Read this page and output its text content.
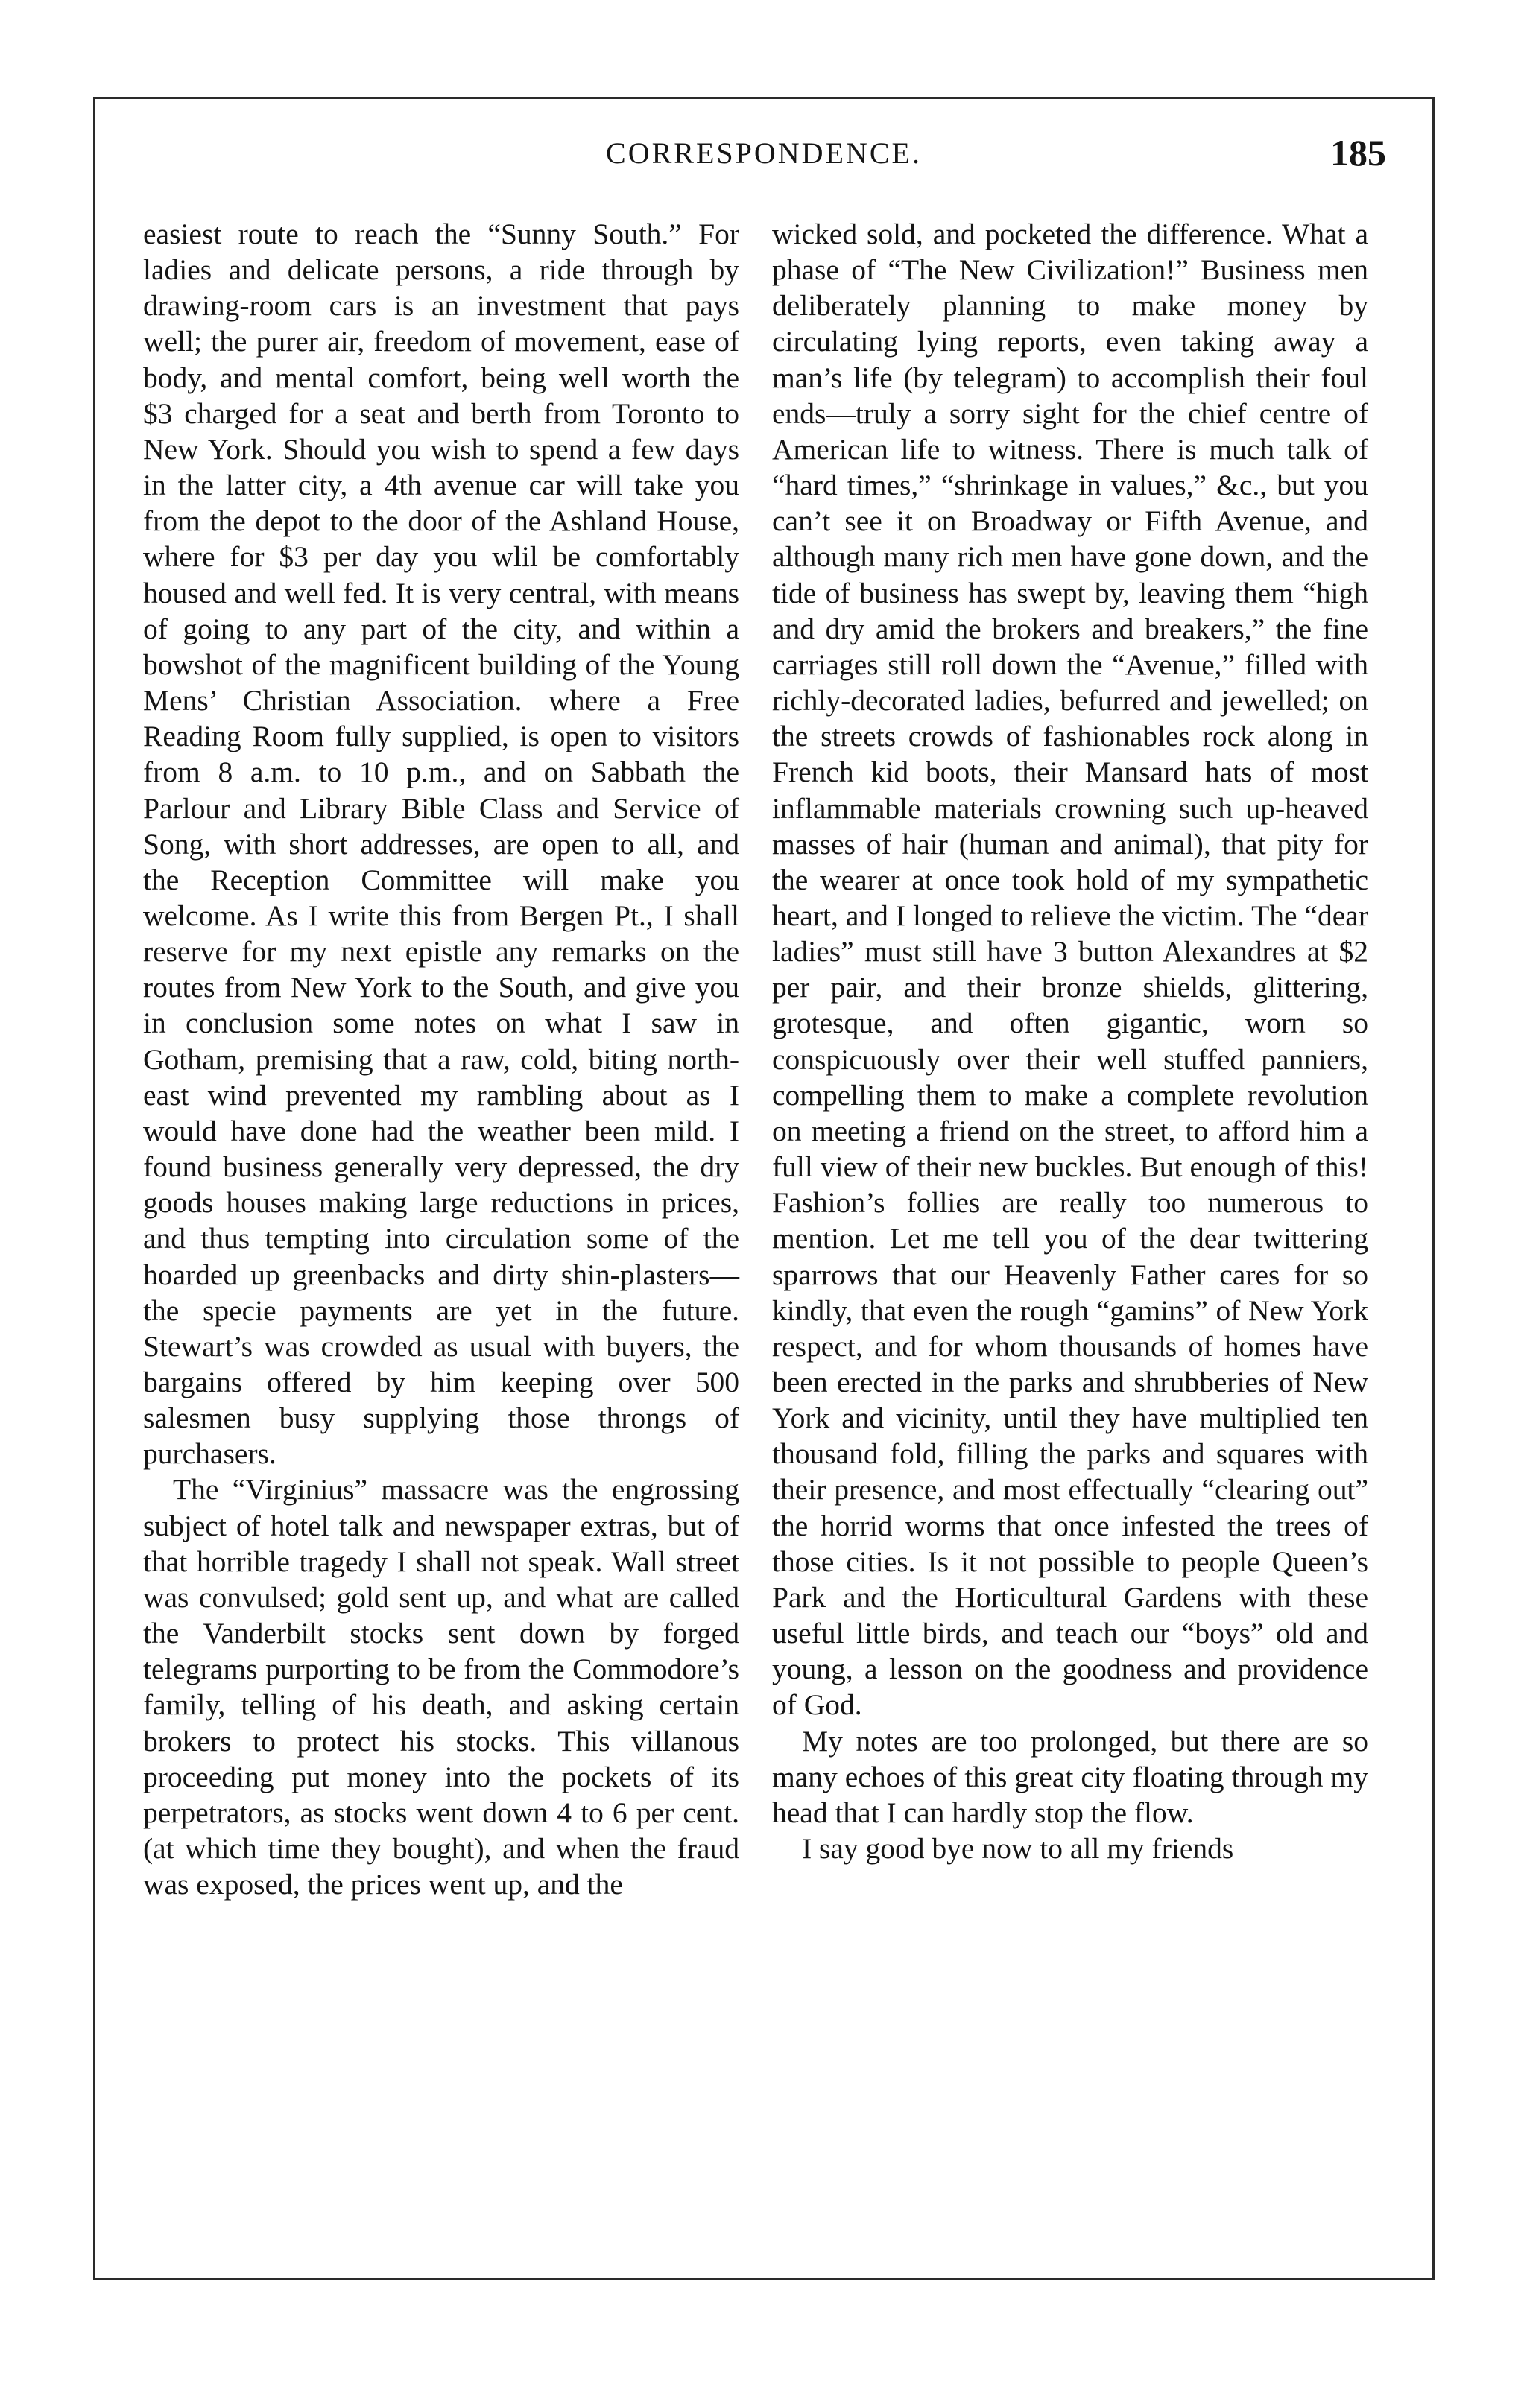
CORRESPONDENCE.	185

easiest route to reach the “Sunny South.” For ladies and delicate persons, a ride through by drawing-room cars is an investment that pays well; the purer air, freedom of movement, ease of body, and mental comfort, being well worth the $3 charged for a seat and berth from Toronto to New York. Should you wish to spend a few days in the latter city, a 4th avenue car will take you from the depot to the door of the Ashland House, where for $3 per day you wlil be comfortably housed and well fed. It is very central, with means of going to any part of the city, and within a bowshot of the magnificent building of the Young Mens’ Christian Association. where a Free Reading Room fully supplied, is open to visitors from 8 a.m. to 10 p.m., and on Sabbath the Parlour and Library Bible Class and Service of Song, with short addresses, are open to all, and the Reception Committee will make you welcome. As I write this from Bergen Pt., I shall reserve for my next epistle any remarks on the routes from New York to the South, and give you in conclusion some notes on what I saw in Gotham, premising that a raw, cold, biting north-east wind prevented my rambling about as I would have done had the weather been mild. I found business generally very depressed, the dry goods houses making large reductions in prices, and thus tempting into circulation some of the hoarded up greenbacks and dirty shin-plasters—the specie payments are yet in the future. Stewart’s was crowded as usual with buyers, the bargains offered by him keeping over 500 salesmen busy supplying those throngs of purchasers.

The “Virginius” massacre was the engrossing subject of hotel talk and newspaper extras, but of that horrible tragedy I shall not speak. Wall street was convulsed; gold sent up, and what are called the Vanderbilt stocks sent down by forged telegrams purporting to be from the Commodore’s family, telling of his death, and asking certain brokers to protect his stocks. This villanous proceeding put money into the pockets of its perpetrators, as stocks went down 4 to 6 per cent. (at which time they bought), and when the fraud was exposed, the prices went up, and the

wicked sold, and pocketed the difference. What a phase of “The New Civilization!” Business men deliberately planning to make money by circulating lying reports, even taking away a man’s life (by telegram) to accomplish their foul ends—truly a sorry sight for the chief centre of American life to witness. There is much talk of “hard times,” “shrinkage in values,” &c., but you can’t see it on Broadway or Fifth Avenue, and although many rich men have gone down, and the tide of business has swept by, leaving them “high and dry amid the brokers and breakers,” the fine carriages still roll down the “Avenue,” filled with richly-decorated ladies, befurred and jewelled; on the streets crowds of fashionables rock along in French kid boots, their Mansard hats of most inflammable materials crowning such up-heaved masses of hair (human and animal), that pity for the wearer at once took hold of my sympathetic heart, and I longed to relieve the victim. The “dear ladies” must still have 3 button Alexandres at $2 per pair, and their bronze shields, glittering, grotesque, and often gigantic, worn so conspicuously over their well stuffed panniers, compelling them to make a complete revolution on meeting a friend on the street, to afford him a full view of their new buckles. But enough of this! Fashion’s follies are really too numerous to mention. Let me tell you of the dear twittering sparrows that our Heavenly Father cares for so kindly, that even the rough “gamins” of New York respect, and for whom thousands of homes have been erected in the parks and shrubberies of New York and vicinity, until they have multiplied ten thousand fold, filling the parks and squares with their presence, and most effectually “clearing out” the horrid worms that once infested the trees of those cities. Is it not possible to people Queen’s Park and the Horticultural Gardens with these useful little birds, and teach our “boys” old and young, a lesson on the goodness and providence of God.

My notes are too prolonged, but there are so many echoes of this great city floating through my head that I can hardly stop the flow.

I say good bye now to all my friends
